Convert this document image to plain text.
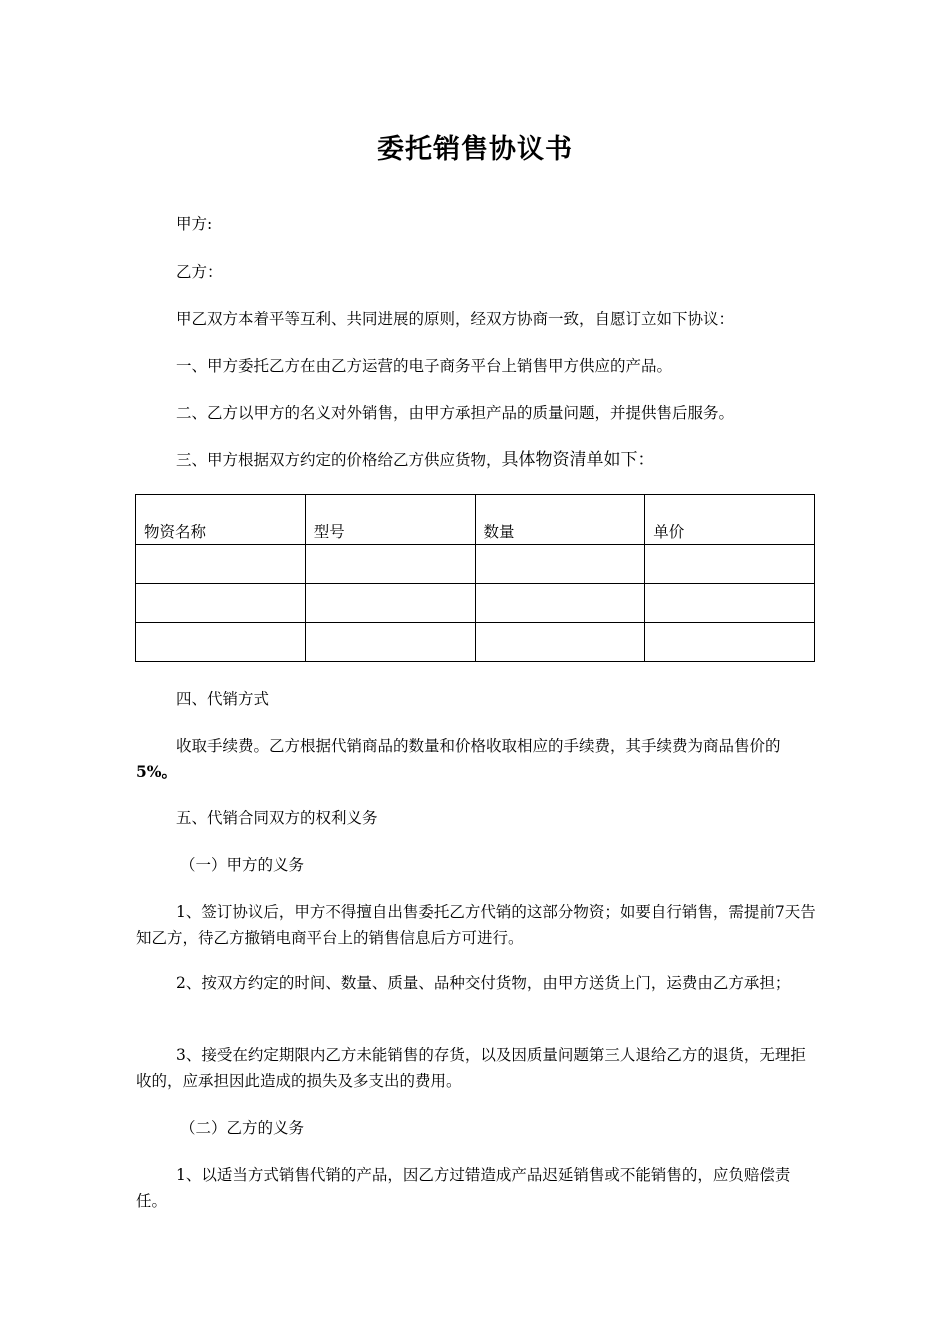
委托销售协议书
甲方:
乙方：
甲乙双方本着平等互利、共同进展的原则，经双方协商一致，自愿订立如下协议：
一、甲方委托乙方在由乙方运营的电子商务平台上销售甲方供应的产品。
二、乙方以甲方的名义对外销售，由甲方承担产品的质量问题，并提供售后服务。
三、甲方根据双方约定的价格给乙方供应货物，具体物资清单如下：
物资名称	型号	数量	单价

四、代销方式
收取手续费。乙方根据代销商品的数量和价格收取相应的手续费，其手续费为商品售价的5%。
五、代销合同双方的权利义务
（一）甲方的义务
1、签订协议后，甲方不得擅自出售委托乙方代销的这部分物资；如要自行销售，需提前7天告知乙方，待乙方撤销电商平台上的销售信息后方可进行。
2、按双方约定的时间、数量、质量、品种交付货物，由甲方送货上门，运费由乙方承担；
3、接受在约定期限内乙方未能销售的存货，以及因质量问题第三人退给乙方的退货，无理拒收的，应承担因此造成的损失及多支出的费用。
（二）乙方的义务
1、以适当方式销售代销的产品，因乙方过错造成产品迟延销售或不能销售的，应负赔偿责任。
